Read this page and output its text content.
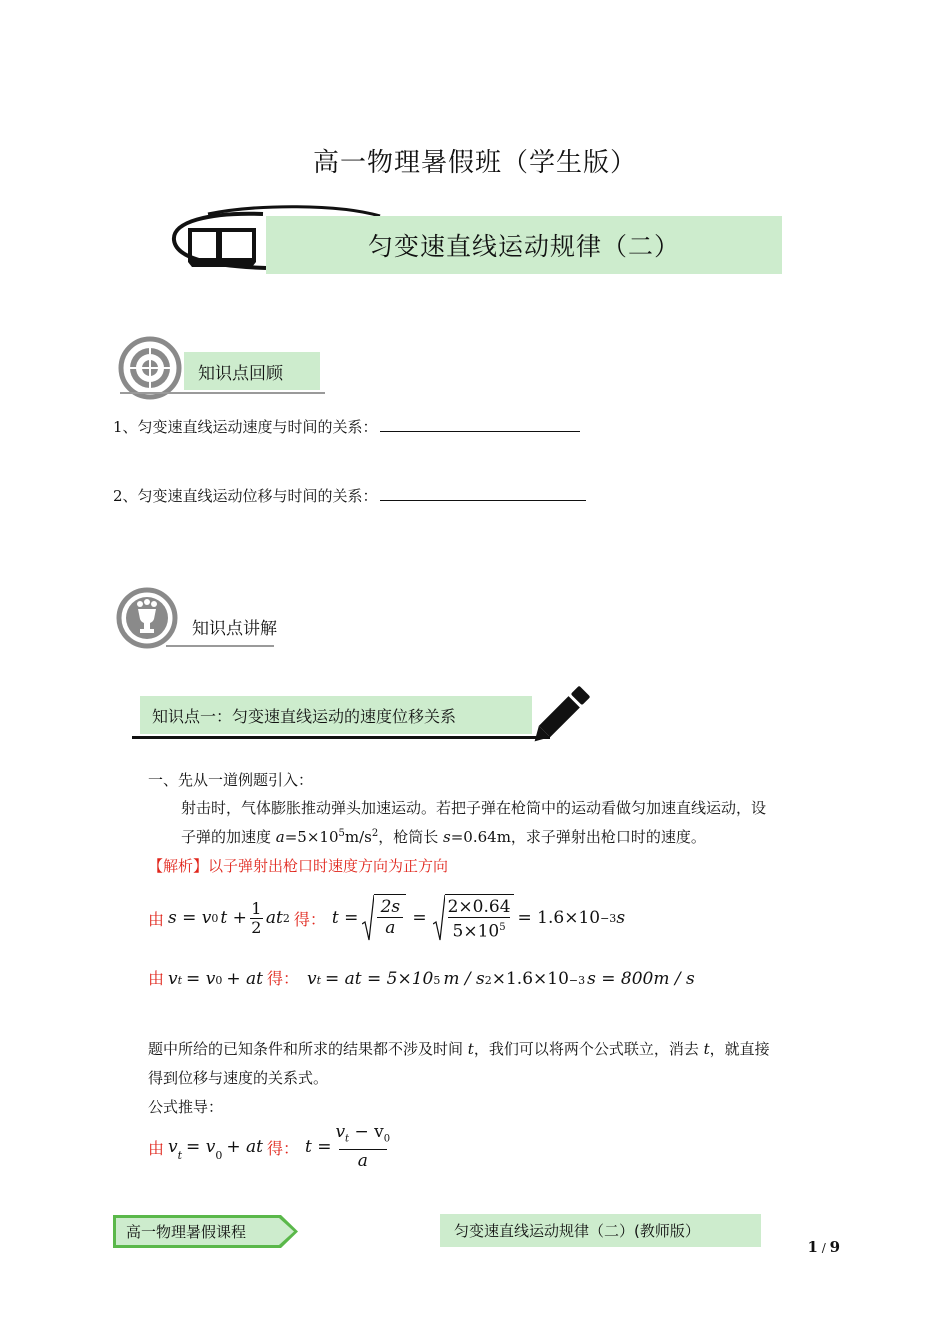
高一物理暑假班（学生版）
匀变速直线运动规律（二）
知识点回顾
1、匀变速直线运动速度与时间的关系：
2、匀变速直线运动位移与时间的关系：
知识点讲解
知识点一：匀变速直线运动的速度位移关系
一、先从一道例题引入：
射击时，气体膨胀推动弹头加速运动。若把子弹在枪筒中的运动看做匀加速直线运动，设
子弹的加速度 $a=5\times 10^5m/s^2$，枪筒长 s=0.64m，求子弹射出枪口时的速度。
【解析】以子弹射出枪口时速度方向为正方向
由 s = v 0 t + 1
2 at 2 得： t =
2s
a =
2×0.64
$5\times 10^5 = 1.6\times 10 -3$ s
由 v t = v 0 + at 得： v t = at = 5×10 5 m / s 2 ×1.6×10 −3 s = 800m / s
题中所给的已知条件和所求的结果都不涉及时间 t，我们可以将两个公式联立，消去 t，就直接
得到位移与速度的关系式。
公式推导：
由 $v_t = v_0$ + at 得： t =
$v_t - v_0$
a
高一物理暑假课程	匀变速直线运动规律（二）(教师版）
1 / 9
